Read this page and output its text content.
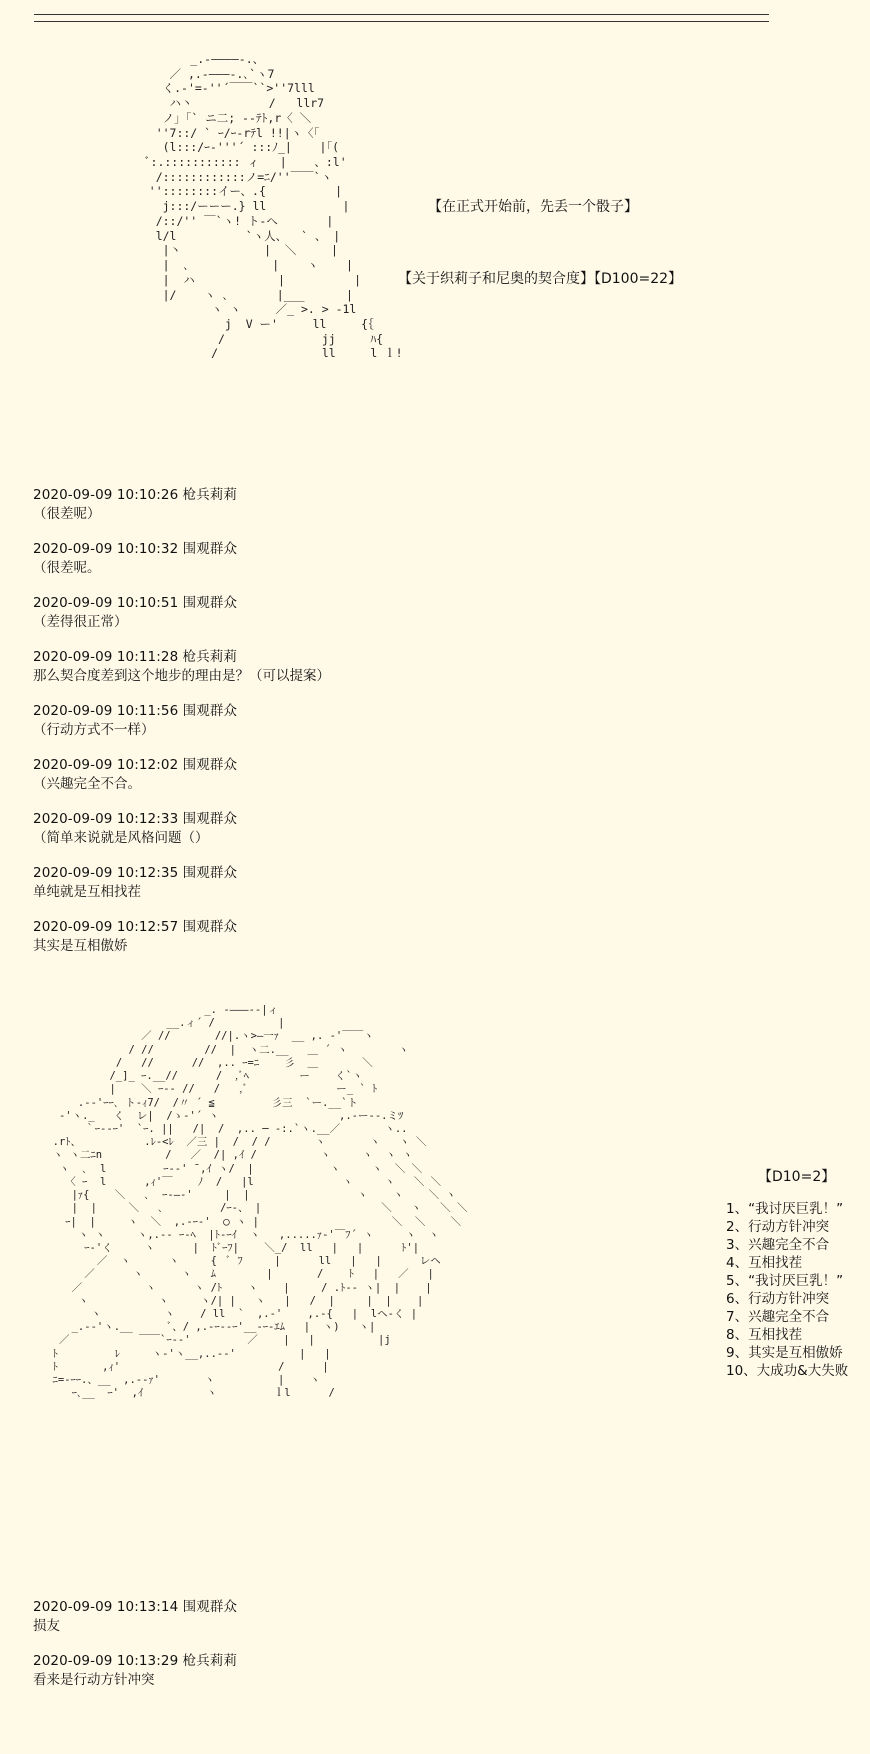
_.-――――-.、
／ ,.-―――-.､`ヽ7
く.-'=-''´￣￣``>''7lll
ハ丶           /   llr7
ノ」｢` ニ二; --ﾃﾄ,r〈 ＼
''7::/ ` ｰ/ｰ‐rﾃl !!|ヽ〈｢
(l:::/ｰ‐'''´ :::ﾉ_|    |｢(
ﾞ:.::::::::::: ィ   |    、:l'
/::::::::::::ノ=ﾆ/''￣￣`ヽ
''::::::::イー、.{          |
j:::/ーーー.} ll           |
/::/'' ￣`ヽ! ト-へ       |
l/l          `ヽ人、  ` 、 |
|丶            |  ＼     |
|  ､            |    ヽ    |
|  ハ            |          |
|/    ヽ ､       |___      |
ヽ ヽ     ／_ >. > -1l
j  V ー'     ll     {｛
/              jj     ﾊ{
/               ll     l ｌ!
【在正式开始前，先丢一个骰子】
【关于织莉子和尼奥的契合度】【D100=22】
2020-09-09 10:10:26 枪兵莉莉
（很差呢）
2020-09-09 10:10:32 围观群众
（很差呢。
2020-09-09 10:10:51 围观群众
（差得很正常）
2020-09-09 10:11:28 枪兵莉莉
那么契合度差到这个地步的理由是？（可以提案）
2020-09-09 10:11:56 围观群众
（行动方式不一样）
2020-09-09 10:12:02 围观群众
（兴趣完全不合。
2020-09-09 10:12:33 围观群众
（简单来说就是风格问题（）
2020-09-09 10:12:35 围观群众
单纯就是互相找茬
2020-09-09 10:12:57 围观群众
其实是互相傲娇
_. -―――--|ィ
__.ィ´ /          |
／ //       //|.ヽ>―一ｧ  __ ,. ‐'￣￣ヽ
/ //        //  |  ヽ二.__   ＿ ´ ヽ        ヽ
/   //      //  ,.. ｰ=ﾆ    彡  ＿       ＼
/_]_ ｰ.__//      /  ,ﾞﾍ        ー    く`ヽ
|    ＼ ｰ-- //   /   ,ﾞ              ー_ ` ﾄ
.-‐'ｰｰ､ ト-ｨ7/  /〃 ´ ≦         彡三  `ー.__`ト
-'ヽ._   く  レ|  /ゝ-'´ ヽ                   ,.-ー‐-.ミﾂ
｀ｰ--ｰ'  `ｰ. ||   /|  /  ,.. ─ -:.`ヽ.__／       ヽ..
.rﾄ、          .ﾚ-<ﾚ  ／三 |  /  / /       ヽ       ヽ   ヽ ＼
ヽ ヽ二ﾆn          /   ／  /| ,ｲ /          ヽ     ヽ  ヽ ヽ
ヽ  ､  l         ｰ-‐' ̄ ,ｲ ヽ/  |            ヽ     ヽ  ＼ ＼
〈 ｰ  l      ,ｨ'￣    ﾉ  /   |l              ヽ     ヽ   ＼ ＼
|ｧ{    ＼   ､  ｰ-―-'     |  |                 ヽ    ヽ    ＼ ヽ
|  |     ＼   ､         /ｰ-、 |                   ＼   ヽ   ＼ ＼
ｰ|  |     ヽ  ＼  ,.-ｰ-'  ◯ ヽ |                     ＼  ＼    ＼
ヽ ヽ     ヽ,.-- ｰ-ﾍ  |ﾄ-ｰｲ  ヽ   ,.....ｧ‐'￣ﾌ´ ヽ     ヽ  ヽ
ｰ-'く     ヽ      |  ﾄﾞｰﾌ|    ＼_/  ll   |   |      ﾄ'|
／  ヽ      ヽ     {  ﾞ ﾌ     |      ll   |   |      レヘ
／      ヽ      ヽ   ﾑ        |       /    ﾄ   |   ／   |
／          ヽ      ヽ /ﾄ    ヽ    |     / .ﾄ-‐ ヽ|  |    |
ヽ           ヽ     ヽ/| |   ヽ   |   /  |     |  |    |
ヽ          ヽ    / ll  `  ,.-'    ,.-{   |  lヘ-く |
_.-‐'ヽ.__      ﾞ、/ ,.-ｰ--ｰ'__-ｰ‐ｴﾑ   |  ヽ)   ヽ|
／           ￣￣`ｰ--'         ／    |   |          |j
ﾄ         ﾚ     ヽ-'ヽ__,..--'          |   |
ﾄ       ,ｨ'                         /      |
ﾆ=-ｰｰ.、__  ,.--ｧ'       ヽ          |    ヽ
ｰ､__  ｰ'  ,ｲ          ヽ         ｌl      /
【D10=2】
1、“我讨厌巨乳！”
2、行动方针冲突
3、兴趣完全不合
4、互相找茬
5、“我讨厌巨乳！”
6、行动方针冲突
7、兴趣完全不合
8、互相找茬
9、其实是互相傲娇
10、大成功&大失败
2020-09-09 10:13:14 围观群众
损友
2020-09-09 10:13:29 枪兵莉莉
看来是行动方针冲突
